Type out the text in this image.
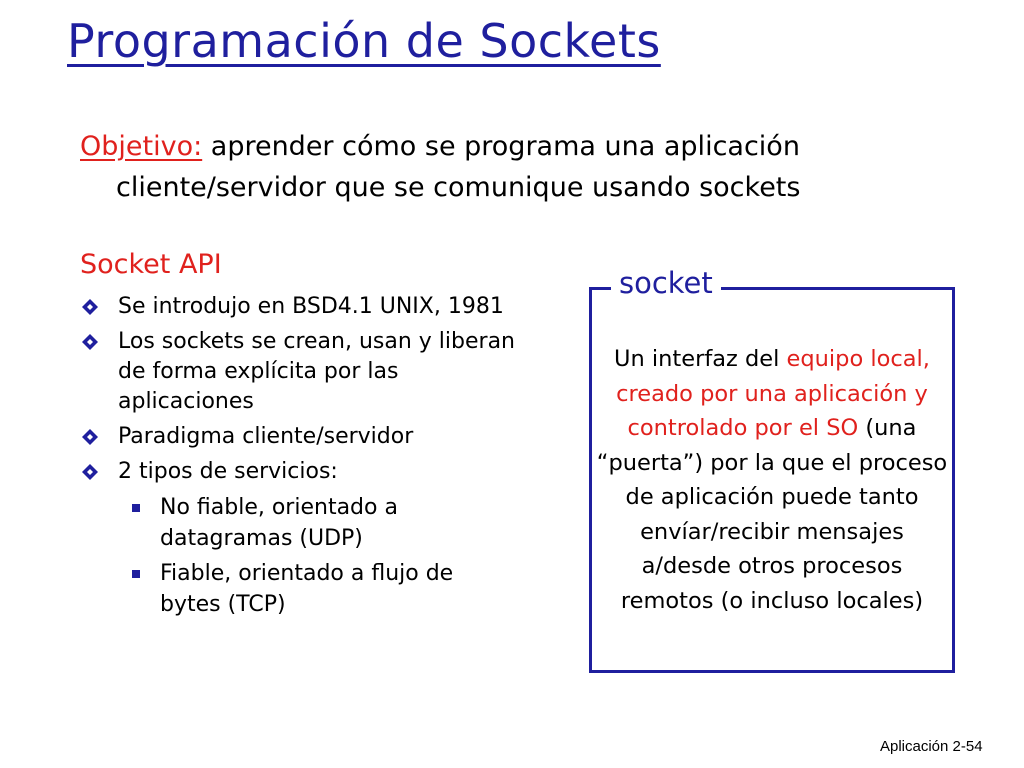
Programación de Sockets
Objetivo: aprender cómo se programa una aplicación
cliente/servidor que se comunique usando sockets
Socket API
Se introdujo en BSD4.1 UNIX, 1981
Los sockets se crean, usan y liberan de forma explícita por las aplicaciones
Paradigma cliente/servidor
2 tipos de servicios:
No fiable, orientado a datagramas (UDP)
Fiable, orientado a flujo de bytes (TCP)
socket
Un interfaz del equipo local, creado por una aplicación y controlado por el SO (una “puerta”) por la que el proceso de aplicación puede tanto envíar/recibir mensajes a/desde otros procesos remotos (o incluso locales)
Aplicación 2-54
